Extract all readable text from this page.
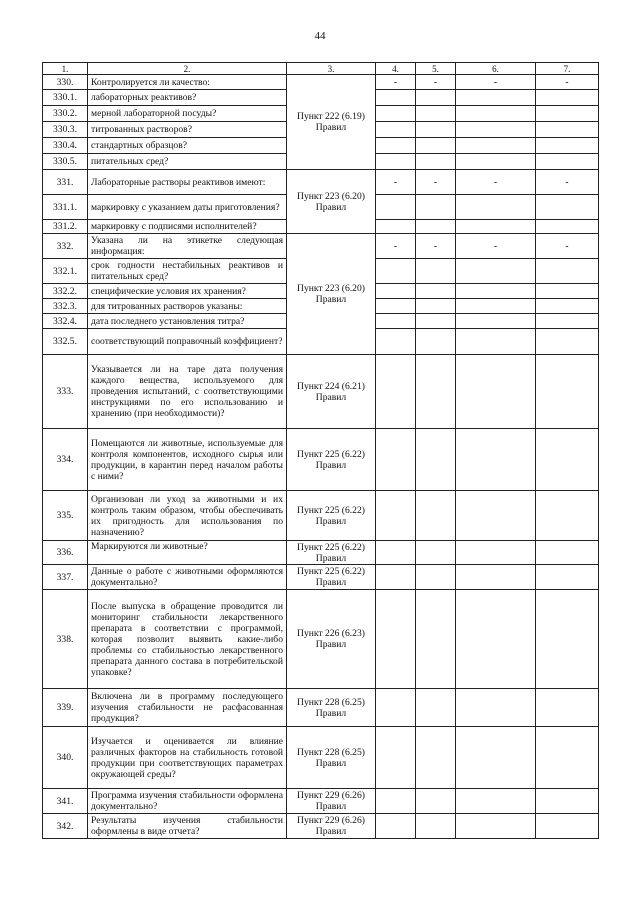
44
1.	2.	3.	4.	5.	6.	7.
330.	Контролируется ли качество:	Пункт 222 (6.19) Правил	-	-	-	-
330.1.	лабораторных реактивов?					
330.2.	мерной лабораторной посуды?					
330.3.	титрованных растворов?					
330.4.	стандартных образцов?					
330.5.	питательных сред?					
331.	Лабораторные растворы реактивов имеют:	Пункт 223 (6.20) Правил	-	-	-	-
331.1.	маркировку с указанием даты приготовления?					
331.2.	маркировку с подписями исполнителей?					
332.	Указана ли на этикетке следующая информация:	Пункт 223 (6.20) Правил	-	-	-	-
332.1.	срок годности нестабильных реактивов и питательных сред?					
332.2.	специфические условия их хранения?					
332.3.	для титрованных растворов указаны:					
332.4.	дата последнего установления титра?					
332.5.	соответствующий поправочный коэффициент?					
333.	Указывается ли на таре дата получения каждого вещества, используемого для проведения испытаний, с соответствующими инструкциями по его использованию и хранению (при необходимости)?	Пункт 224 (6.21) Правил				
334.	Помещаются ли животные, используемые для контроля компонентов, исходного сырья или продукции, в карантин перед началом работы с ними?	Пункт 225 (6.22) Правил				
335.	Организован ли уход за животными и их контроль таким образом, чтобы обеспечивать их пригодность для использования по назначению?	Пункт 225 (6.22) Правил				
336.	Маркируются ли животные?	Пункт 225 (6.22) Правил				
337.	Данные о работе с животными оформляются документально?	Пункт 225 (6.22) Правил				
338.	После выпуска в обращение проводится ли мониторинг стабильности лекарственного препарата в соответствии с программой, которая позволит выявить какие-либо проблемы со стабильностью лекарственного препарата данного состава в потребительской упаковке?	Пункт 226 (6.23) Правил				
339.	Включена ли в программу последующего изучения стабильности не расфасованная продукция?	Пункт 228 (6.25) Правил				
340.	Изучается и оценивается ли влияние различных факторов на стабильность готовой продукции при соответствующих параметрах окружающей среды?	Пункт 228 (6.25) Правил				
341.	Программа изучения стабильности оформлена документально?	Пункт 229 (6.26) Правил				
342.	Результаты изучения стабильности оформлены в виде отчета?	Пункт 229 (6.26) Правил				
